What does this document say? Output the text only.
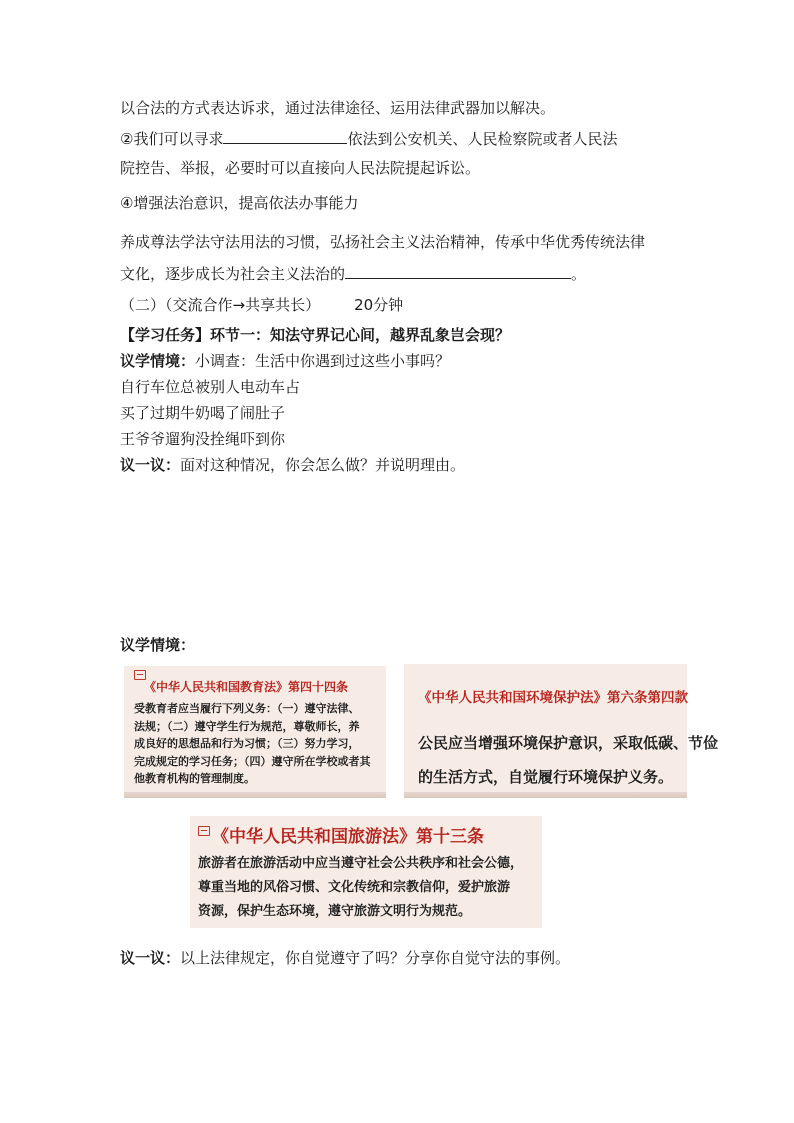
以合法的方式表达诉求，通过法律途径、运用法律武器加以解决。
②我们可以寻求	依法到公安机关、人民检察院或者人民法
院控告、举报，必要时可以直接向人民法院提起诉讼。
④增强法治意识，提高依法办事能力
养成尊法学法守法用法的习惯，弘扬社会主义法治精神，传承中华优秀传统法律
文化，逐步成长为社会主义法治的	。
（二）（交流合作→共享共长） 20分钟
【学习任务】环节一：知法守界记心间，越界乱象岂会现？
议学情境：小调查：生活中你遇到过这些小事吗？
自行车位总被别人电动车占
买了过期牛奶喝了闹肚子
王爷爷遛狗没拴绳吓到你
议一议：面对这种情况，你会怎么做？并说明理由。
议学情境：
《中华人民共和国教育法》第四十四条
受教育者应当履行下列义务：（一）遵守法律、
法规；（二）遵守学生行为规范，尊敬师长，养
成良好的思想品和行为习惯；（三）努力学习，
完成规定的学习任务；（四）遵守所在学校或者其
他教育机构的管理制度。
《中华人民共和国环境保护法》第六条第四款
公民应当增强环境保护意识，采取低碳、节俭
的生活方式，自觉履行环境保护义务。
《中华人民共和国旅游法》第十三条
旅游者在旅游活动中应当遵守社会公共秩序和社会公德，
尊重当地的风俗习惯、文化传统和宗教信仰，爱护旅游
资源，保护生态环境，遵守旅游文明行为规范。
议一议：以上法律规定，你自觉遵守了吗？分享你自觉守法的事例。
